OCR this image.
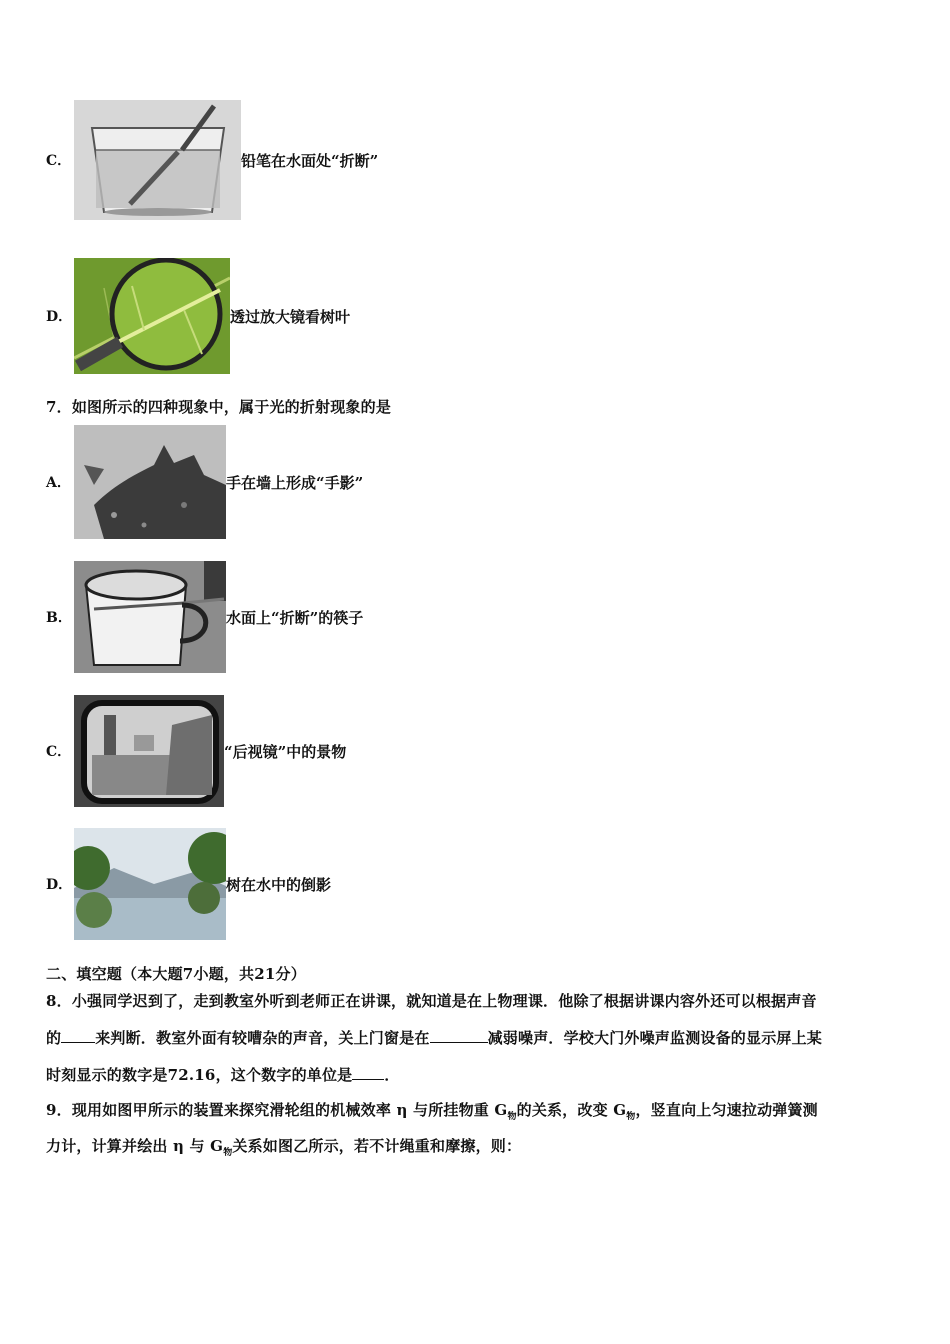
C．	铅笔在水面处“折断”
D．	透过放大镜看树叶
7．如图所示的四种现象中，属于光的折射现象的是
A．	手在墙上形成“手影”
B．	水面上“折断”的筷子
C．	“后视镜”中的景物
D．	树在水中的倒影
二、填空题（本大题7小题，共21分）
8．小强同学迟到了，走到教室外听到老师正在讲课，就知道是在上物理课．他除了根据讲课内容外还可以根据声音
的 来判断．教室外面有较嘈杂的声音，关上门窗是在	减弱噪声．学校大门外噪声监测设备的显示屏上某
时刻显示的数字是72.16，这个数字的单位是 ．
9．现用如图甲所示的装置来探究滑轮组的机械效率 η 与所挂物重 $G_物$的关系，改变 $G_物$，竖直向上匀速拉动弹簧测
力计，计算并绘出 η 与 $G_物$关系如图乙所示，若不计绳重和摩擦，则：
